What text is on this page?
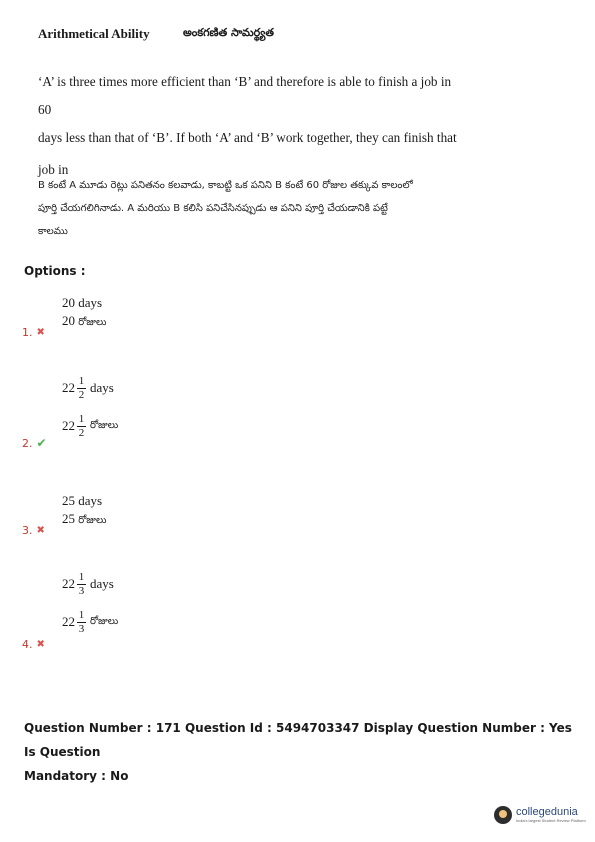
Arithmetical Ability	అంకగణిత సామర్థ్యత
‘A’ is three times more efficient than ‘B’ and therefore is able to finish a job in 60
days less than that of ‘B’. If both ‘A’ and ‘B’ work together, they can finish that
job in
B కంటే A మూడు రెట్లు పనితనం కలవాడు, కాబట్టి ఒక పనిని B కంటే 60 రోజుల తక్కువ కాలంలో
పూర్తి చేయగలిగినాడు. A మరియు B కలిసి పనిచేసినప్పుడు ఆ పనిని పూర్తి చేయడానికి పట్టే
కాలము
Options :
20 days
20 రోజులు
1. ✖
$22 \frac{1}{2}$ days
$22 \frac{1}{2}$ రోజులు
2. ✔
25 days
25 రోజులు
3. ✖
$22 \frac{1}{3}$ days
$22 \frac{1}{3}$ రోజులు
4. ✖
Question Number : 171 Question Id : 5494703347 Display Question Number : Yes Is Question
Mandatory : No
collegedunia
India's largest Student Review Platform
